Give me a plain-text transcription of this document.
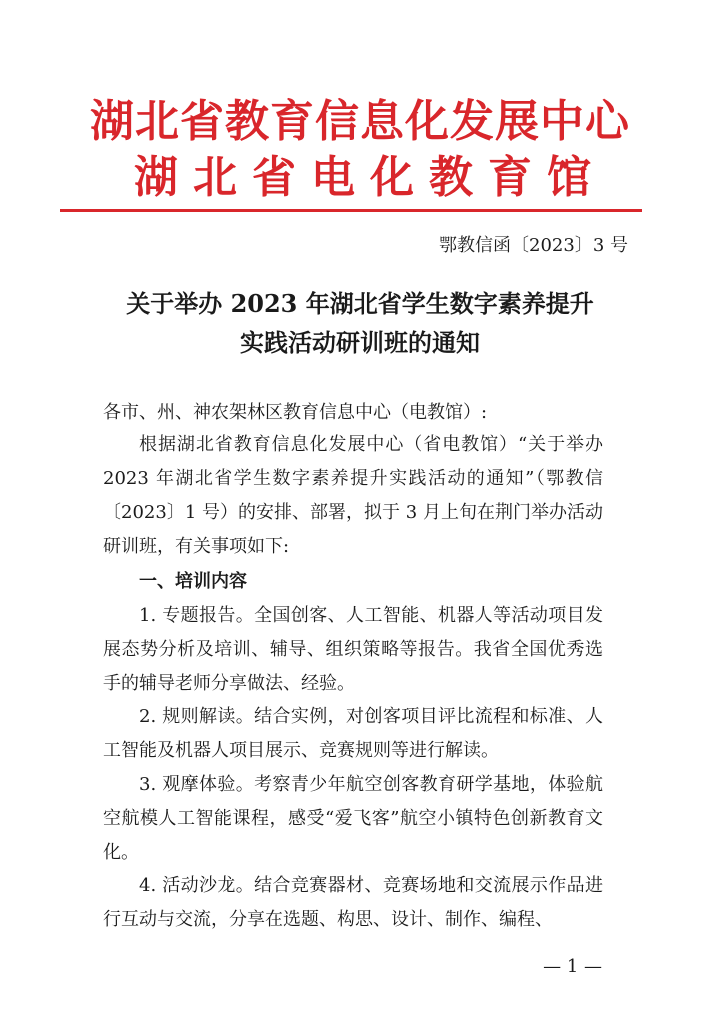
湖北省教育信息化发展中心
湖北省电化教育馆
鄂教信函〔2023〕3 号
关于举办 2023 年湖北省学生数字素养提升
实践活动研训班的通知
各市、州、神农架林区教育信息中心（电教馆）:
根据湖北省教育信息化发展中心（省电教馆）“关于举办 2023 年湖北省学生数字素养提升实践活动的通知”（鄂教信〔2023〕1 号）的安排、部署，拟于 3 月上旬在荆门举办活动研训班，有关事项如下:
一、培训内容
1. 专题报告。全国创客、人工智能、机器人等活动项目发展态势分析及培训、辅导、组织策略等报告。我省全国优秀选手的辅导老师分享做法、经验。
2. 规则解读。结合实例，对创客项目评比流程和标准、人工智能及机器人项目展示、竞赛规则等进行解读。
3. 观摩体验。考察青少年航空创客教育研学基地，体验航空航模人工智能课程，感受“爱飞客”航空小镇特色创新教育文化。
4. 活动沙龙。结合竞赛器材、竞赛场地和交流展示作品进行互动与交流，分享在选题、构思、设计、制作、编程、
— 1 —
